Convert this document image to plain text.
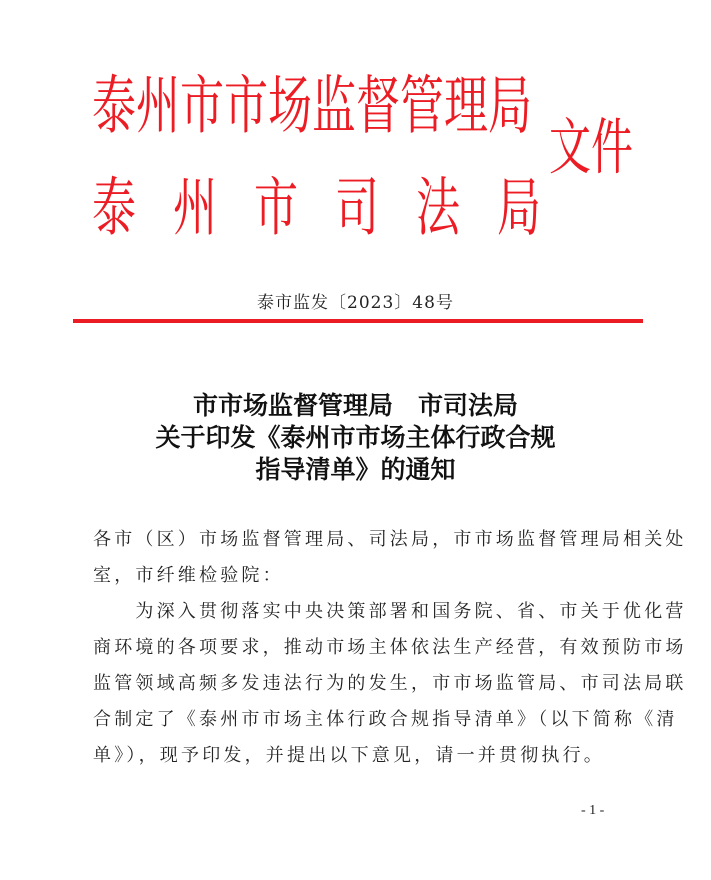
泰州市市场监督管理局
泰 州 市 司 法 局
文件
泰市监发〔2023〕48号
市市场监督管理局　市司法局
关于印发《泰州市市场主体行政合规
指导清单》的通知
各市（区）市场监督管理局、司法局，市市场监督管理局相关处
室，市纤维检验院：
　　为深入贯彻落实中央决策部署和国务院、省、市关于优化营
商环境的各项要求，推动市场主体依法生产经营，有效预防市场
监管领域高频多发违法行为的发生，市市场监管局、市司法局联
合制定了《泰州市市场主体行政合规指导清单》（以下简称《清
单》），现予印发，并提出以下意见，请一并贯彻执行。
- 1 -
